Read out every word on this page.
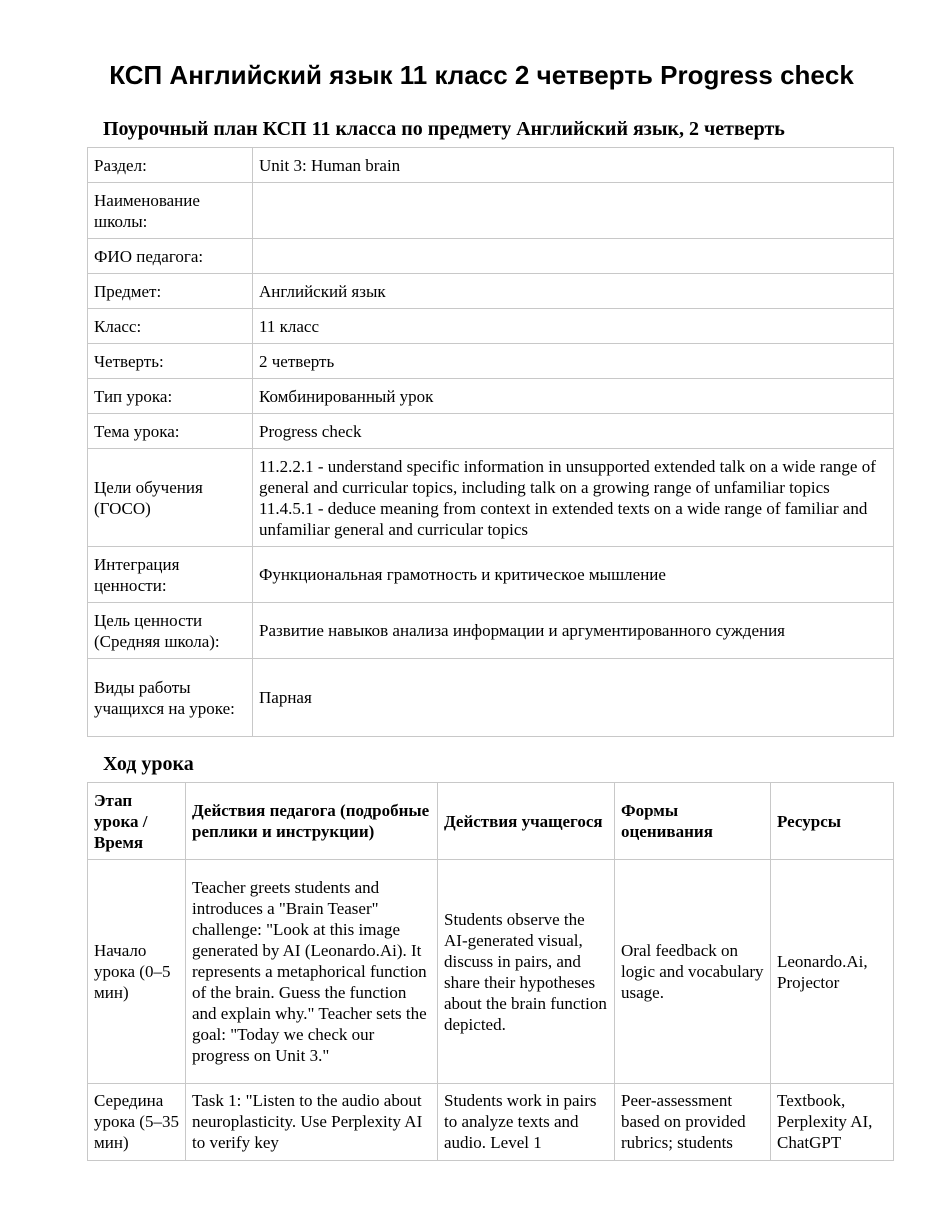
КСП Английский язык 11 класс 2 четверть Progress check
Поурочный план КСП 11 класса по предмету Английский язык, 2 четверть
Раздел:	Unit 3: Human brain
Наименование школы:	
ФИО педагога:	
Предмет:	Английский язык
Класс:	11 класс
Четверть:	2 четверть
Тип урока:	Комбинированный урок
Тема урока:	Progress check
Цели обучения (ГОСО)	11.2.2.1 - understand specific information in unsupported extended talk on a wide range of general and curricular topics, including talk on a growing range of unfamiliar topics 11.4.5.1 - deduce meaning from context in extended texts on a wide range of familiar and unfamiliar general and curricular topics
Интеграция ценности:	Функциональная грамотность и критическое мышление
Цель ценности (Средняя школа):	Развитие навыков анализа информации и аргументированного суждения
Виды работы учащихся на уроке:	Парная
Ход урока
Этап урока / Время	Действия педагога (подробные реплики и инструкции)	Действия учащегося	Формы оценивания	Ресурсы
Начало урока (0–5 мин)	Teacher greets students and introduces a "Brain Teaser" challenge: "Look at this image generated by AI (Leonardo.Ai). It represents a metaphorical function of the brain. Guess the function and explain why." Teacher sets the goal: "Today we check our progress on Unit 3."	Students observe the AI-generated visual, discuss in pairs, and share their hypotheses about the brain function depicted.	Oral feedback on logic and vocabulary usage.	Leonardo.Ai, Projector
Середина урока (5–35 мин)	Task 1: "Listen to the audio about neuroplasticity. Use Perplexity AI to verify key	Students work in pairs to analyze texts and audio. Level 1	Peer-assessment based on provided rubrics; students	Textbook, Perplexity AI, ChatGPT
